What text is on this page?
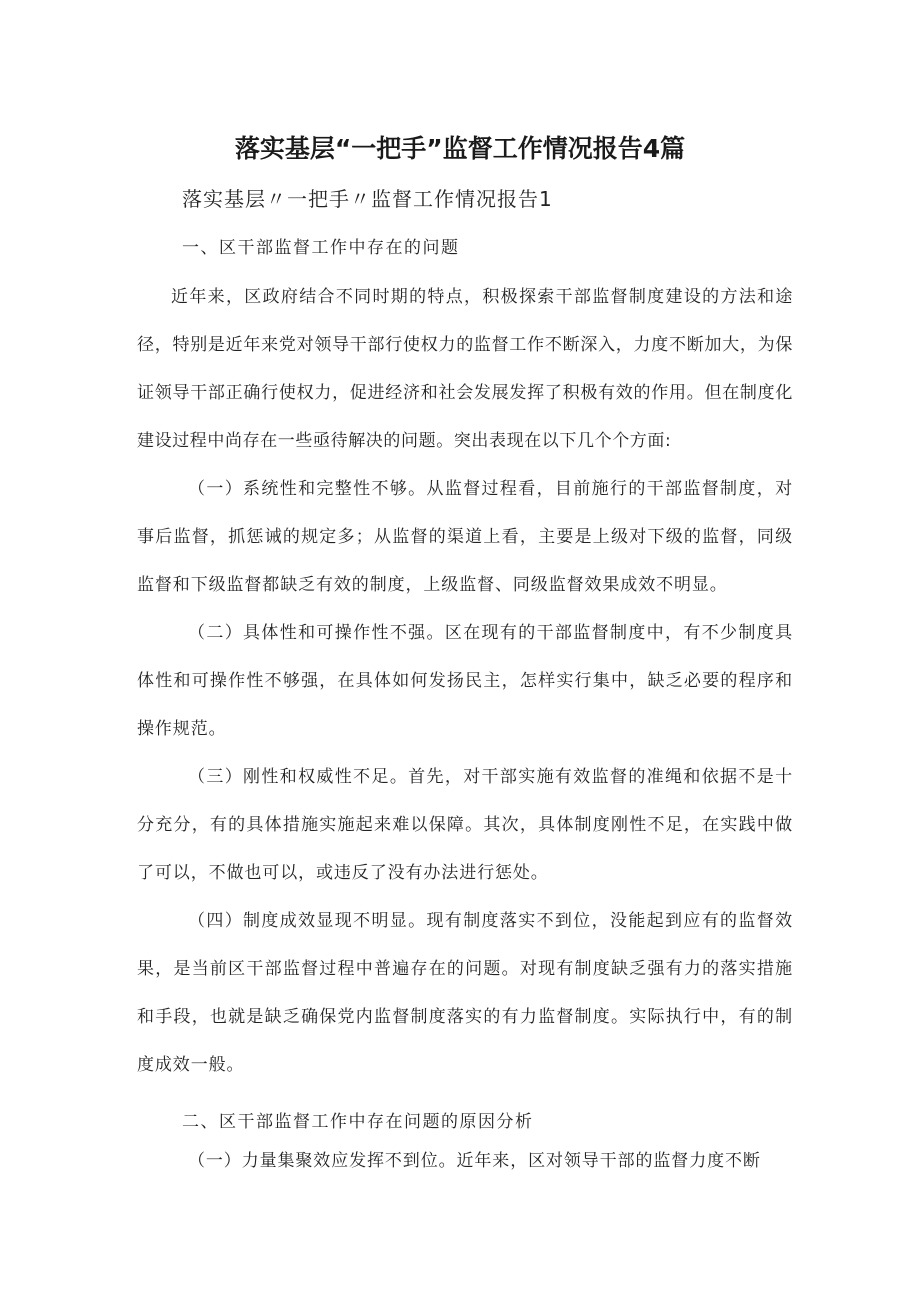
落实基层“一把手”监督工作情况报告4篇
落实基层〃一把手〃监督工作情况报告1
一、区干部监督工作中存在的问题
近年来，区政府结合不同时期的特点，积极探索干部监督制度建设的方法和途径，特别是近年来党对领导干部行使权力的监督工作不断深入，力度不断加大，为保证领导干部正确行使权力，促进经济和社会发展发挥了积极有效的作用。但在制度化建设过程中尚存在一些亟待解决的问题。突出表现在以下几个个方面:
（一）系统性和完整性不够。从监督过程看，目前施行的干部监督制度，对事后监督，抓惩诫的规定多；从监督的渠道上看，主要是上级对下级的监督，同级监督和下级监督都缺乏有效的制度，上级监督、同级监督效果成效不明显。
（二）具体性和可操作性不强。区在现有的干部监督制度中，有不少制度具体性和可操作性不够强，在具体如何发扬民主，怎样实行集中，缺乏必要的程序和操作规范。
（三）刚性和权威性不足。首先，对干部实施有效监督的准绳和依据不是十分充分，有的具体措施实施起来难以保障。其次，具体制度刚性不足，在实践中做了可以，不做也可以，或违反了没有办法进行惩处。
（四）制度成效显现不明显。现有制度落实不到位，没能起到应有的监督效果，是当前区干部监督过程中普遍存在的问题。对现有制度缺乏强有力的落实措施和手段，也就是缺乏确保党内监督制度落实的有力监督制度。实际执行中，有的制度成效一般。
二、区干部监督工作中存在问题的原因分析
（一）力量集聚效应发挥不到位。近年来，区对领导干部的监督力度不断
